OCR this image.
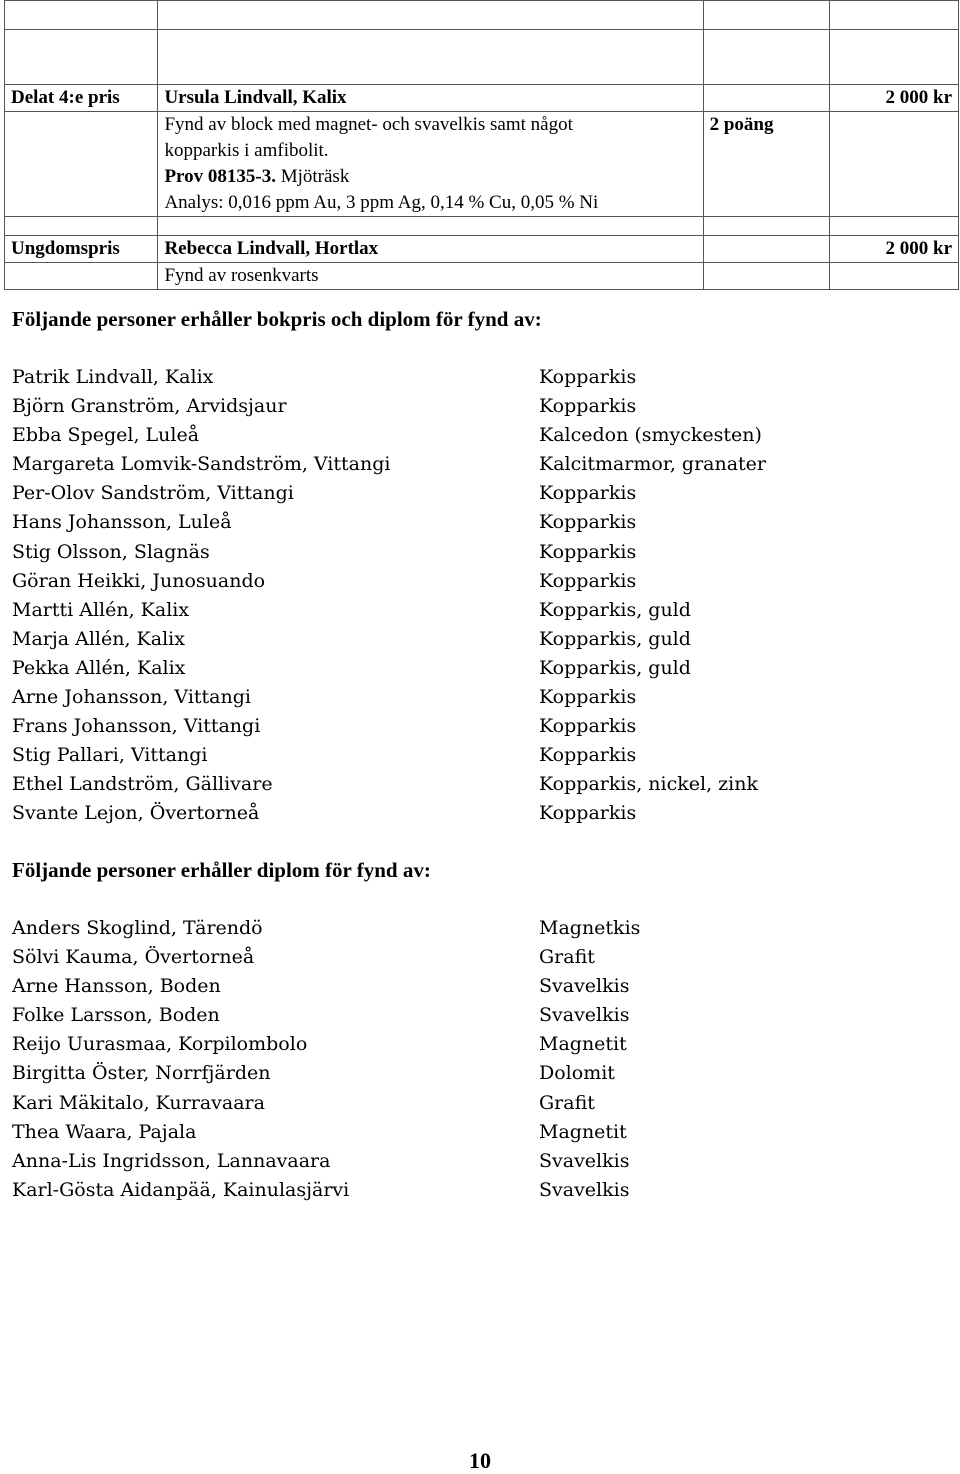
Delat 4:e pris	Ursula Lindvall, Kalix		2 000 kr

	Fynd av block med magnet- och svavelkis samt något
kopparkis i amfibolit.
Prov 08135-3. Mjöträsk
Analys: 0,016 ppm Au, 3 ppm Ag, 0,14 % Cu, 0,05 % Ni	2 poäng	

Ungdomspris	Rebecca Lindvall, Hortlax		2 000 kr
	Fynd av rosenkvarts		
Följande personer erhåller bokpris och diplom för fynd av:
Patrik Lindvall, Kalix	Kopparkis
Björn Granström, Arvidsjaur	Kopparkis
Ebba Spegel, Luleå	Kalcedon (smyckesten)
Margareta Lomvik-Sandström, Vittangi	Kalcitmarmor, granater
Per-Olov Sandström, Vittangi	Kopparkis
Hans Johansson, Luleå	Kopparkis
Stig Olsson, Slagnäs	Kopparkis
Göran Heikki, Junosuando	Kopparkis
Martti Allén, Kalix	Kopparkis, guld
Marja Allén, Kalix	Kopparkis, guld
Pekka Allén, Kalix	Kopparkis, guld
Arne Johansson, Vittangi	Kopparkis
Frans Johansson, Vittangi	Kopparkis
Stig Pallari, Vittangi	Kopparkis
Ethel Landström, Gällivare	Kopparkis, nickel, zink
Svante Lejon, Övertorneå	Kopparkis
Följande personer erhåller diplom för fynd av:
Anders Skoglind, Tärendö	Magnetkis
Sölvi Kauma, Övertorneå	Grafit
Arne Hansson, Boden	Svavelkis
Folke Larsson, Boden	Svavelkis
Reijo Uurasmaa, Korpilombolo	Magnetit
Birgitta Öster, Norrfjärden	Dolomit
Kari Mäkitalo, Kurravaara	Grafit
Thea Waara, Pajala	Magnetit
Anna-Lis Ingridsson, Lannavaara	Svavelkis
Karl-Gösta Aidanpää, Kainulasjärvi	Svavelkis
10
